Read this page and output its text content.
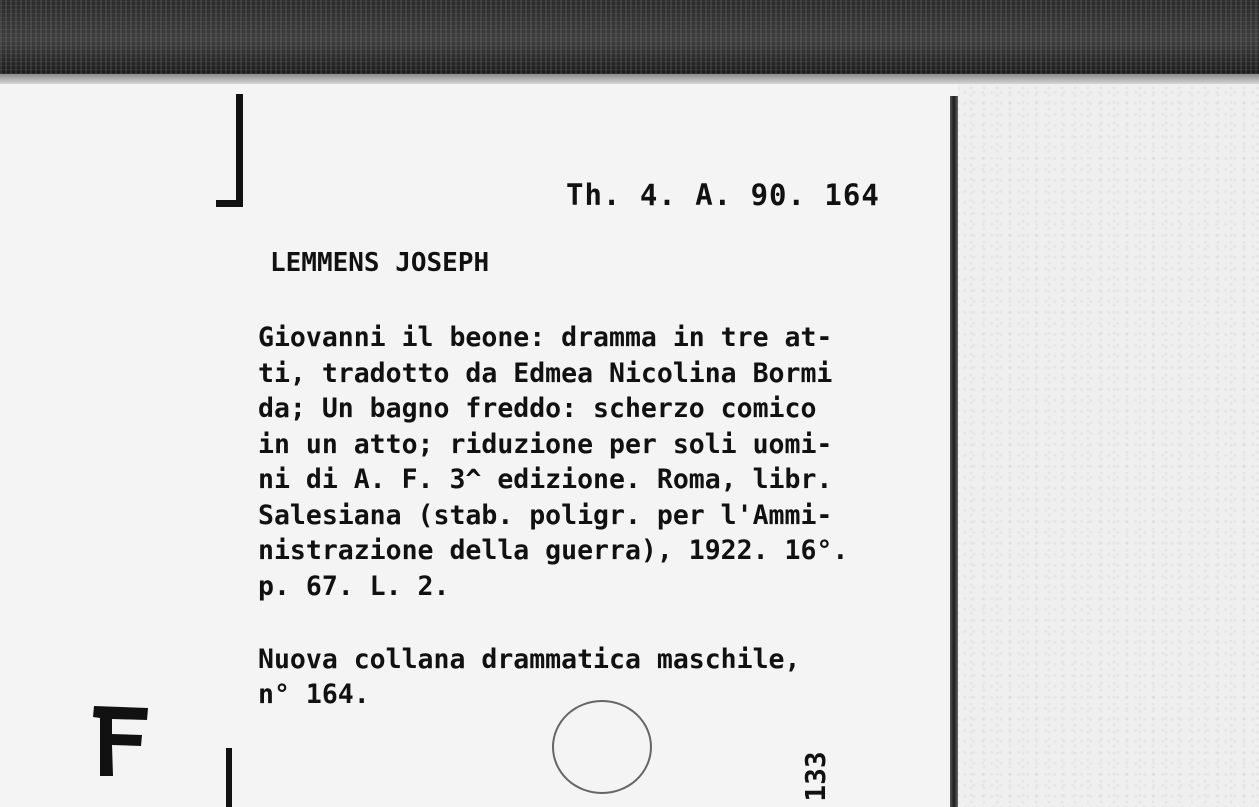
Th. 4. A. 90. 164
LEMMENS JOSEPH
Giovanni il beone: dramma in tre at-
ti, tradotto da Edmea Nicolina Bormi
da; Un bagno freddo: scherzo comico
in un atto; riduzione per soli uomi-
ni di A. F. 3^ edizione. Roma, libr.
Salesiana (stab. poligr. per l'Ammi-
nistrazione della guerra), 1922. 16°.
p. 67. L. 2.
Nuova collana drammatica maschile,
n° 164.
133
